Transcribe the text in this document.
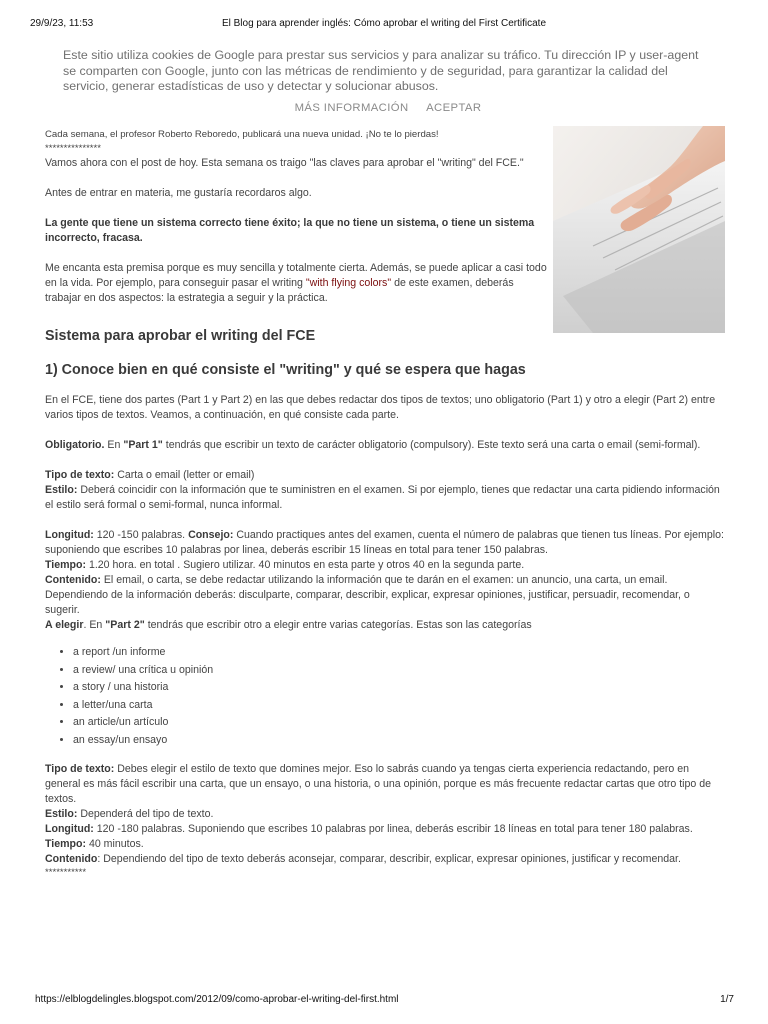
29/9/23, 11:53	El Blog para aprender inglés: Cómo aprobar el writing del First Certificate

Este sitio utiliza cookies de Google para prestar sus servicios y para analizar su tráfico. Tu dirección IP y user-agent se comparten con Google, junto con las métricas de rendimiento y de seguridad, para garantizar la calidad del servicio, generar estadísticas de uso y detectar y solucionar abusos.

MÁS INFORMACIÓN ACEPTAR

Cada semana, el profesor Roberto Reboredo, publicará una nueva unidad. ¡No te lo pierdas!

***************

Vamos ahora con el post de hoy. Esta semana os traigo "las claves para aprobar el "writing" del FCE."

Antes de entrar en materia, me gustaría recordaros algo.

La gente que tiene un sistema correcto tiene éxito; la que no tiene un sistema, o tiene un sistema incorrecto, fracasa.

Me encanta esta premisa porque es muy sencilla y totalmente cierta. Además, se puede aplicar a casi todo en la vida. Por ejemplo, para conseguir pasar el writing "with flying colors" de este examen, deberás trabajar en dos aspectos: la estrategia a seguir y la práctica.

Sistema para aprobar el writing del FCE
1) Conoce bien en qué consiste el "writing" y qué se espera que hagas

En el FCE, tiene dos partes (Part 1 y Part 2) en las que debes redactar dos tipos de textos; uno obligatorio (Part 1) y otro a elegir (Part 2) entre varios tipos de textos. Veamos, a continuación, en qué consiste cada parte.

Obligatorio. En "Part 1" tendrás que escribir un texto de carácter obligatorio (compulsory). Este texto será una carta o email (semi-formal).

Tipo de texto: Carta o email (letter or email)

Estilo: Deberá coincidir con la información que te suministren en el examen. Si por ejemplo, tienes que redactar una carta pidiendo información el estilo será formal o semi-formal, nunca informal.

Longitud: 120 -150 palabras. Consejo: Cuando practiques antes del examen, cuenta el número de palabras que tienen tus líneas. Por ejemplo: suponiendo que escribes 10 palabras por linea, deberás escribir 15 líneas en total para tener 150 palabras.

Tiempo: 1.20 hora. en total . Sugiero utilizar. 40 minutos en esta parte y otros 40 en la segunda parte.

Contenido: El email, o carta, se debe redactar utilizando la información que te darán en el examen: un anuncio, una carta, un email. Dependiendo de la información deberás: disculparte, comparar, describir, explicar, expresar opiniones, justificar, persuadir, recomendar, o sugerir.

A elegir. En "Part 2" tendrás que escribir otro a elegir entre varias categorías. Estas son las categorías

• a report /un informe
• a review/ una crítica u opinión
• a story / una historia
• a letter/una carta
• an article/un artículo
• an essay/un ensayo

Tipo de texto: Debes elegir el estilo de texto que domines mejor. Eso lo sabrás cuando ya tengas cierta experiencia redactando, pero en general es más fácil escribir una carta, que un ensayo, o una historia, o una opinión, porque es más frecuente redactar cartas que otro tipo de textos.

Estilo: Dependerá del tipo de texto.

Longitud: 120 -180 palabras. Suponiendo que escribes 10 palabras por linea, deberás escribir 18 líneas en total para tener 180 palabras.

Tiempo: 40 minutos.

Contenido: Dependiendo del tipo de texto deberás aconsejar, comparar, describir, explicar, expresar opiniones, justificar y recomendar.

***********

https://elblogdelingles.blogspot.com/2012/09/como-aprobar-el-writing-del-first.html	1/7
